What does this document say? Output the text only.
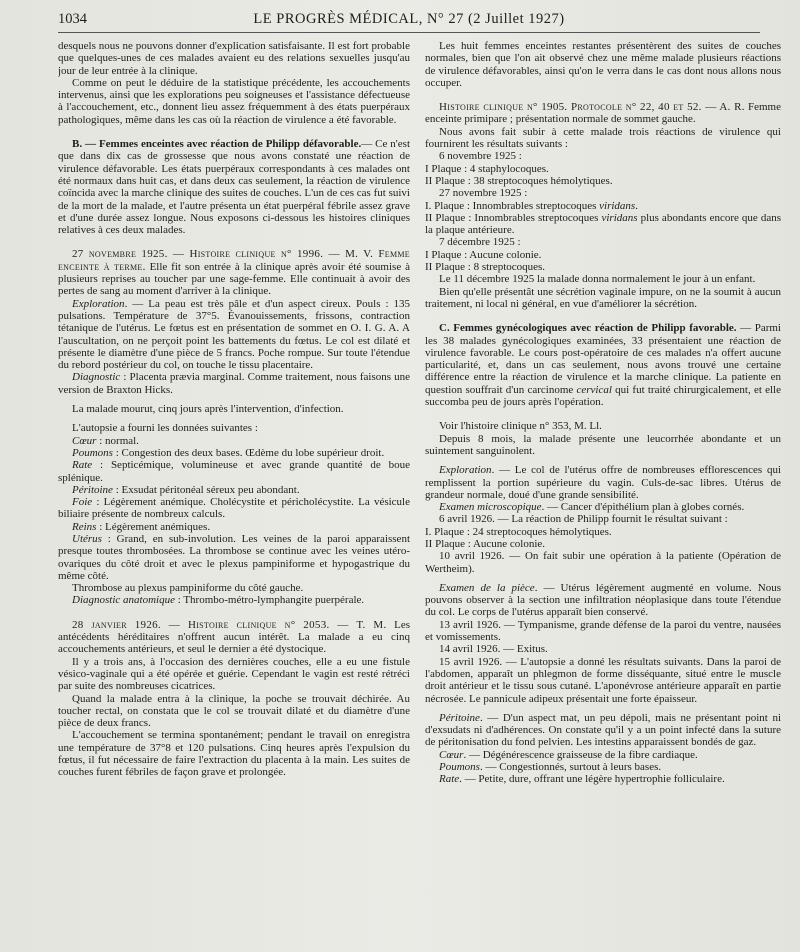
1034	LE PROGRÈS MÉDICAL, N° 27 (2 Juillet 1927)

desquels nous ne pouvons donner d'explication satisfaisante. Il est fort probable que quelques-unes de ces malades avaient eu des relations sexuelles jusqu'au jour de leur entrée à la clinique.

Comme on peut le déduire de la statistique précédente, les accouchements intervenus, ainsi que les explorations peu soigneuses et l'assistance défectueuse à l'accouchement, etc., donnent lieu assez fréquemment à des états puerpéraux pathologiques, même dans les cas où la réaction de virulence a été favorable.

B. — Femmes enceintes avec réaction de Philipp défavorable.— Ce n'est que dans dix cas de grossesse que nous avons constaté une réaction de virulence défavorable. Les états puerpéraux correspondants à ces malades ont été normaux dans huit cas, et dans deux cas seulement, la réaction de virulence coïncida avec la marche clinique des suites de couches. L'un de ces cas fut suivi de la mort de la malade, et l'autre présenta un état puerpéral fébrile assez grave et d'une durée assez longue. Nous exposons ci-dessous les histoires cliniques relatives à ces deux malades.

27 novembre 1925. — Histoire clinique n° 1996. — M. V. Femme enceinte à terme. Elle fit son entrée à la clinique après avoir été soumise à plusieurs reprises au toucher par une sage-femme. Elle continuait à avoir des pertes de sang au moment d'arriver à la clinique.

Exploration. — La peau est très pâle et d'un aspect cireux. Pouls : 135 pulsations. Température de 37°5. Évanouissements, frissons, contraction tétanique de l'utérus. Le fœtus est en présentation de sommet en O. I. G. A. A l'auscultation, on ne perçoit point les battements du fœtus. Le col est dilaté et présente le diamètre d'une pièce de 5 francs. Poche rompue. Sur toute l'étendue du rebord postérieur du col, on touche le tissu placentaire.

Diagnostic : Placenta prævia marginal. Comme traitement, nous faisons une version de Braxton Hicks.

La malade mourut, cinq jours après l'intervention, d'infection.

L'autopsie a fourni les données suivantes :

Cœur : normal.

Poumons : Congestion des deux bases. Œdème du lobe supérieur droit.

Rate : Septicémique, volumineuse et avec grande quantité de boue splénique.

Péritoine : Exsudat péritonéal séreux peu abondant.

Foie : Légèrement anémique. Cholécystite et péricholécystite. La vésicule biliaire présente de nombreux calculs.

Reins : Légèrement anémiques.

Utérus : Grand, en sub-involution. Les veines de la paroi apparaissent presque toutes thrombosées. La thrombose se continue avec les veines utéro-ovariques du côté droit et avec le plexus pampiniforme et hypogastrique du même côté.

Thrombose au plexus pampiniforme du côté gauche.

Diagnostic anatomique : Thrombo-métro-lymphangite puerpérale.

28 janvier 1926. — Histoire clinique n° 2053. — T. M. Les antécédents héréditaires n'offrent aucun intérêt. La malade a eu cinq accouchements antérieurs, et seul le dernier a été dystocique.

Il y a trois ans, à l'occasion des dernières couches, elle a eu une fistule vésico-vaginale qui a été opérée et guérie. Cependant le vagin est resté rétréci par suite des nombreuses cicatrices.

Quand la malade entra à la clinique, la poche se trouvait déchirée. Au toucher rectal, on constata que le col se trouvait dilaté et du diamètre d'une pièce de deux francs.

L'accouchement se termina spontanément; pendant le travail on enregistra une température de 37°8 et 120 pulsations. Cinq heures après l'expulsion du fœtus, il fut nécessaire de faire l'extraction du placenta à la main. Les suites de couches furent fébriles de façon grave et prolongée.

Les huit femmes enceintes restantes présentèrent des suites de couches normales, bien que l'on ait observé chez une même malade plusieurs réactions de virulence défavorables, ainsi qu'on le verra dans le cas dont nous allons nous occuper.

Histoire clinique n° 1905. Protocole n° 22, 40 et 52. — A. R. Femme enceinte primipare ; présentation normale de sommet gauche.

Nous avons fait subir à cette malade trois réactions de virulence qui fournirent les résultats suivants :

6 novembre 1925 :

I Plaque : 4 staphylocoques.

II Plaque : 38 streptocoques hémolytiques.

27 novembre 1925 :

I. Plaque : Innombrables streptocoques viridans.

II Plaque : Innombrables streptocoques viridans plus abondants encore que dans la plaque antérieure.

7 décembre 1925 :

I Plaque : Aucune colonie.

II Plaque : 8 streptocoques.

Le 11 décembre 1925 la malade donna normalement le jour à un enfant.

Bien qu'elle présentât une sécrétion vaginale impure, on ne la soumit à aucun traitement, ni local ni général, en vue d'améliorer la sécrétion.

C. Femmes gynécologiques avec réaction de Philipp favorable. — Parmi les 38 malades gynécologiques examinées, 33 présentaient une réaction de virulence favorable. Le cours post-opératoire de ces malades n'a offert aucune particularité, et, dans un cas seulement, nous avons trouvé une certaine différence entre la réaction de virulence et la marche clinique. La patiente en question souffrait d'un carcinome cervical qui fut traité chirurgicalement, et elle succomba peu de jours après l'opération.

Voir l'histoire clinique n° 353, M. Ll.

Depuis 8 mois, la malade présente une leucorrhée abondante et un suintement sanguinolent.

Exploration. — Le col de l'utérus offre de nombreuses efflorescences qui remplissent la portion supérieure du vagin. Culs-de-sac libres. Utérus de grandeur normale, doué d'une grande sensibilité.

Examen microscopique. — Cancer d'épithélium plan à globes cornés.

6 avril 1926. — La réaction de Philipp fournit le résultat suivant :

I. Plaque : 24 streptocoques hémolytiques.

II Plaque : Aucune colonie.

10 avril 1926. — On fait subir une opération à la patiente (Opération de Wertheim).

Examen de la pièce. — Utérus légèrement augmenté en volume. Nous pouvons observer à la section une infiltration néoplasique dans toute l'étendue du col. Le corps de l'utérus apparaît bien conservé.

13 avril 1926. — Tympanisme, grande défense de la paroi du ventre, nausées et vomissements.

14 avril 1926. — Exitus.

15 avril 1926. — L'autopsie a donné les résultats suivants. Dans la paroi de l'abdomen, apparaît un phlegmon de forme disséquante, situé entre le muscle droit antérieur et le tissu sous cutané. L'aponévrose antérieure apparaît en partie nécrosée. Le pannicule adipeux présentait une forte épaisseur.

Péritoine. — D'un aspect mat, un peu dépoli, mais ne présentant point ni d'exsudats ni d'adhérences. On constate qu'il y a un point infecté dans la suture de péritonisation du fond pelvien. Les intestins apparaissent bondés de gaz.

Cœur. — Dégénérescence graisseuse de la fibre cardiaque.

Poumons. — Congestionnés, surtout à leurs bases.

Rate. — Petite, dure, offrant une légère hypertrophie folliculaire.
